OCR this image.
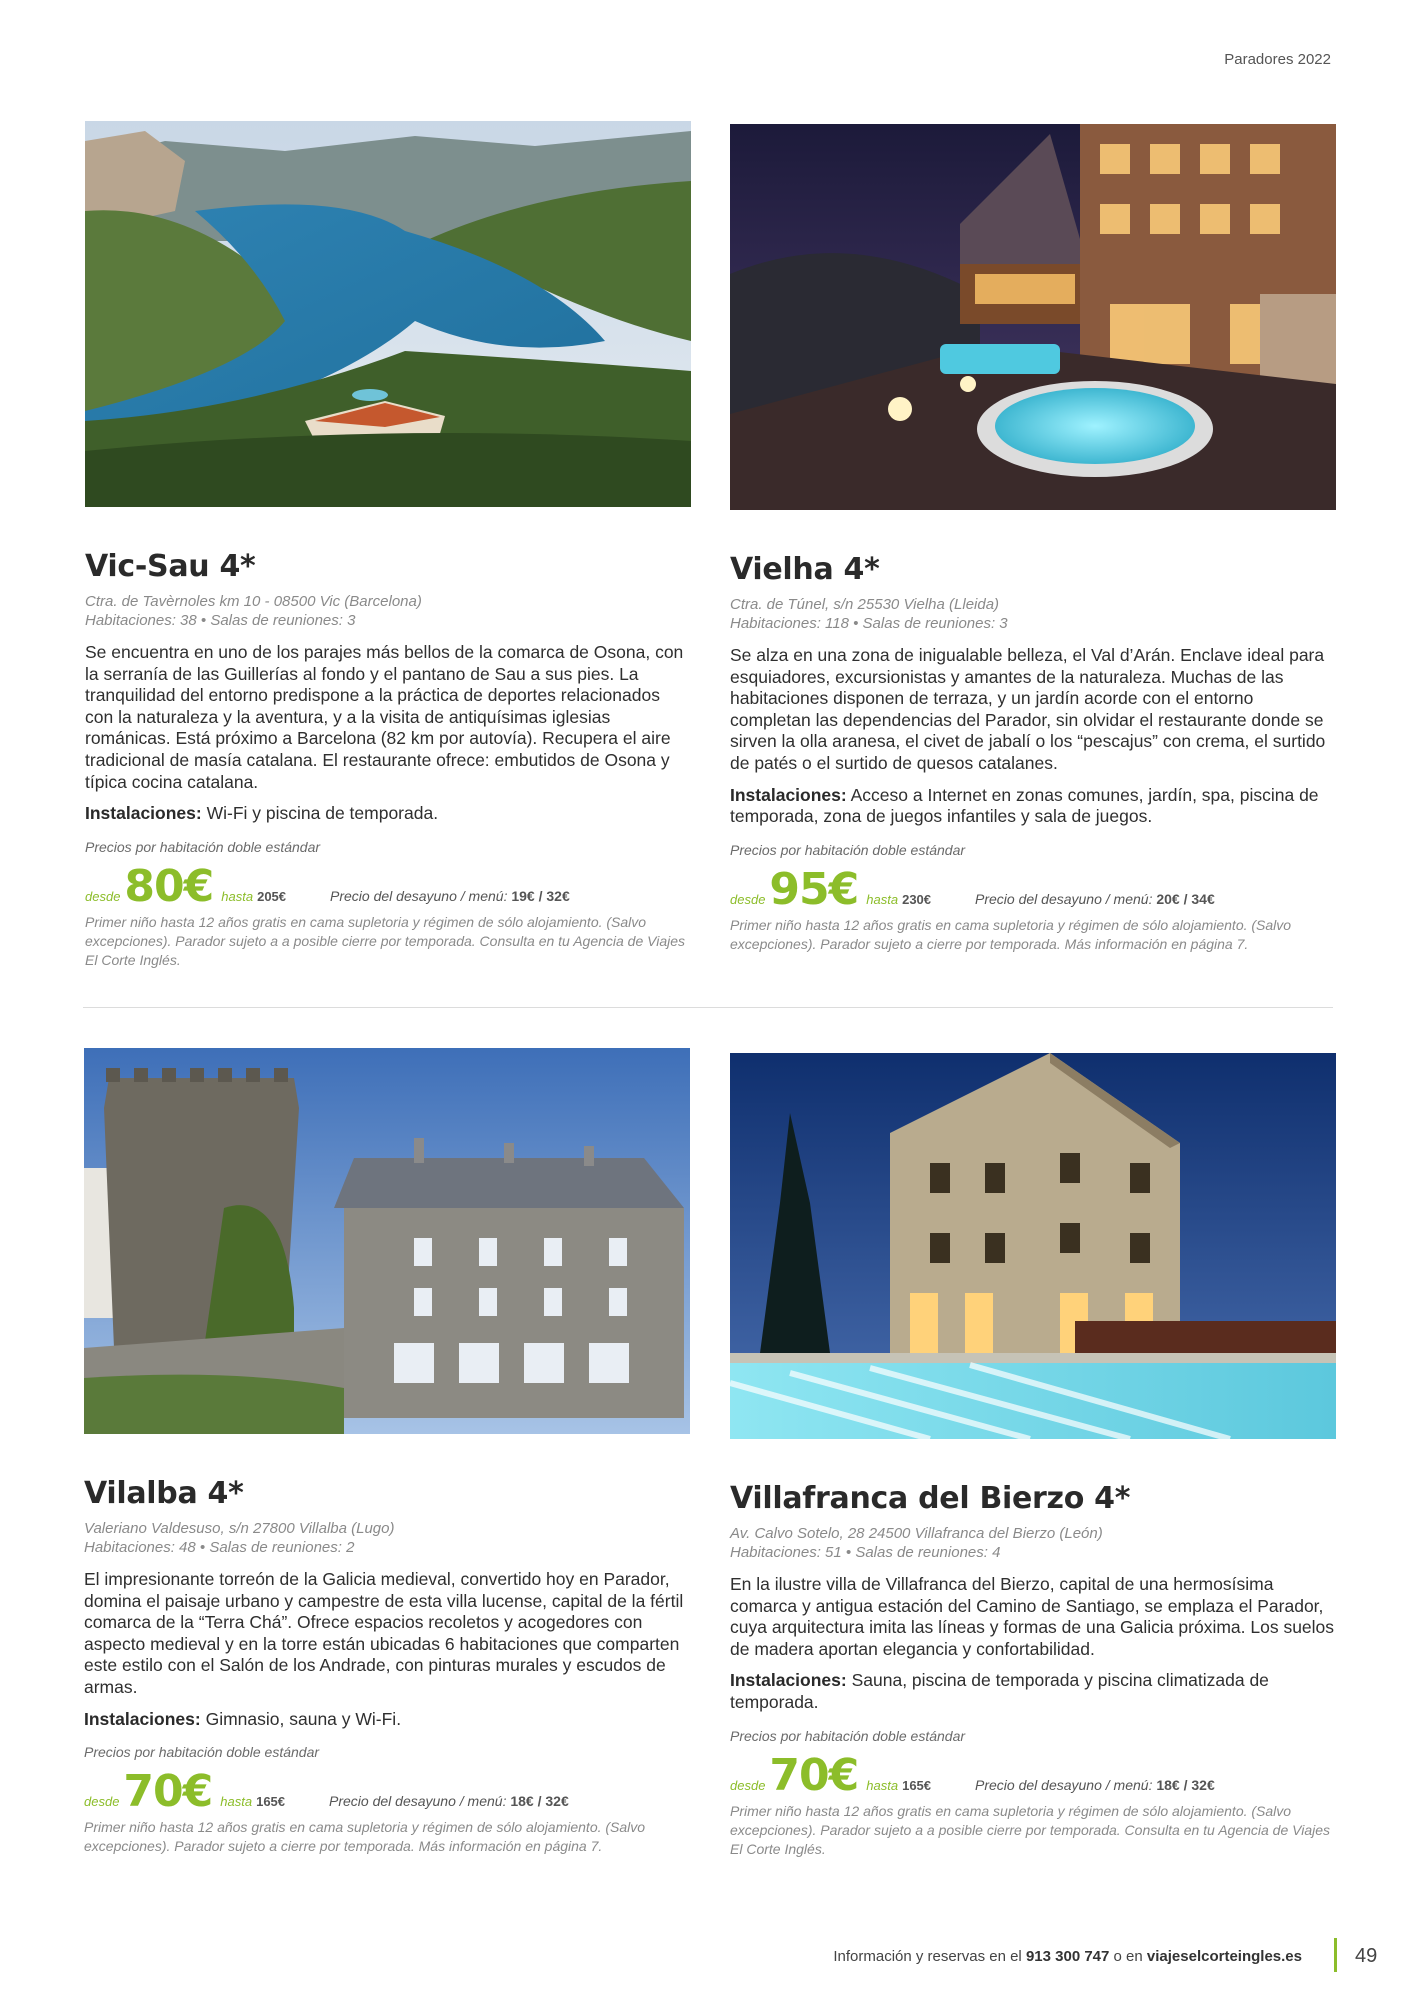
Paradores 2022
Vic-Sau 4*
Ctra. de Tavèrnoles km 10 - 08500 Vic (Barcelona)
Habitaciones: 38 • Salas de reuniones: 3
Se encuentra en uno de los parajes más bellos de la comarca de Osona, con la serranía de las Guillerías al fondo y el pantano de Sau a sus pies. La tranquilidad del entorno predispone a la práctica de deportes relacionados con la naturaleza y la aventura, y a la visita de antiquísimas iglesias románicas. Está próximo a Barcelona (82 km por autovía). Recupera el aire tradicional de masía catalana. El restaurante ofrece: embutidos de Osona y típica cocina catalana.
Instalaciones: Wi-Fi y piscina de temporada.
Precios por habitación doble estándar
desde 80€ hasta 205€	Precio del desayuno / menú: 19€ / 32€
Primer niño hasta 12 años gratis en cama supletoria y régimen de sólo alojamiento. (Salvo excepciones). Parador sujeto a a posible cierre por temporada. Consulta en tu Agencia de Viajes El Corte Inglés.
Vielha 4*
Ctra. de Túnel, s/n 25530 Vielha (Lleida)
Habitaciones: 118 • Salas de reuniones: 3
Se alza en una zona de inigualable belleza, el Val d’Arán. Enclave ideal para esquiadores, excursionistas y amantes de la naturaleza. Muchas de las habitaciones disponen de terraza, y un jardín acorde con el entorno completan las dependencias del Parador, sin olvidar el restaurante donde se sirven la olla aranesa, el civet de jabalí o los “pescajus” con crema, el surtido de patés o el surtido de quesos catalanes.
Instalaciones: Acceso a Internet en zonas comunes, jardín, spa, piscina de temporada, zona de juegos infantiles y sala de juegos.
Precios por habitación doble estándar
desde 95€ hasta 230€	Precio del desayuno / menú: 20€ / 34€
Primer niño hasta 12 años gratis en cama supletoria y régimen de sólo alojamiento. (Salvo excepciones). Parador sujeto a cierre por temporada. Más información en página 7.
Vilalba 4*
Valeriano Valdesuso, s/n 27800 Villalba (Lugo)
Habitaciones: 48 • Salas de reuniones: 2
El impresionante torreón de la Galicia medieval, convertido hoy en Parador, domina el paisaje urbano y campestre de esta villa lucense, capital de la fértil comarca de la “Terra Chá”. Ofrece espacios recoletos y acogedores con aspecto medieval y en la torre están ubicadas 6 habitaciones que comparten este estilo con el Salón de los Andrade, con pinturas murales y escudos de armas.
Instalaciones: Gimnasio, sauna y Wi-Fi.
Precios por habitación doble estándar
desde 70€ hasta 165€	Precio del desayuno / menú: 18€ / 32€
Primer niño hasta 12 años gratis en cama supletoria y régimen de sólo alojamiento. (Salvo excepciones). Parador sujeto a cierre por temporada. Más información en página 7.
Villafranca del Bierzo 4*
Av. Calvo Sotelo, 28 24500 Villafranca del Bierzo (León)
Habitaciones: 51 • Salas de reuniones: 4
En la ilustre villa de Villafranca del Bierzo, capital de una hermosísima comarca y antigua estación del Camino de Santiago, se emplaza el Parador, cuya arquitectura imita las líneas y formas de una Galicia próxima. Los suelos de madera aportan elegancia y confortabilidad.
Instalaciones: Sauna, piscina de temporada y piscina climatizada de temporada.
Precios por habitación doble estándar
desde 70€ hasta 165€	Precio del desayuno / menú: 18€ / 32€
Primer niño hasta 12 años gratis en cama supletoria y régimen de sólo alojamiento. (Salvo excepciones). Parador sujeto a a posible cierre por temporada. Consulta en tu Agencia de Viajes El Corte Inglés.
Información y reservas en el 913 300 747 o en viajeselcorteingles.es	49
